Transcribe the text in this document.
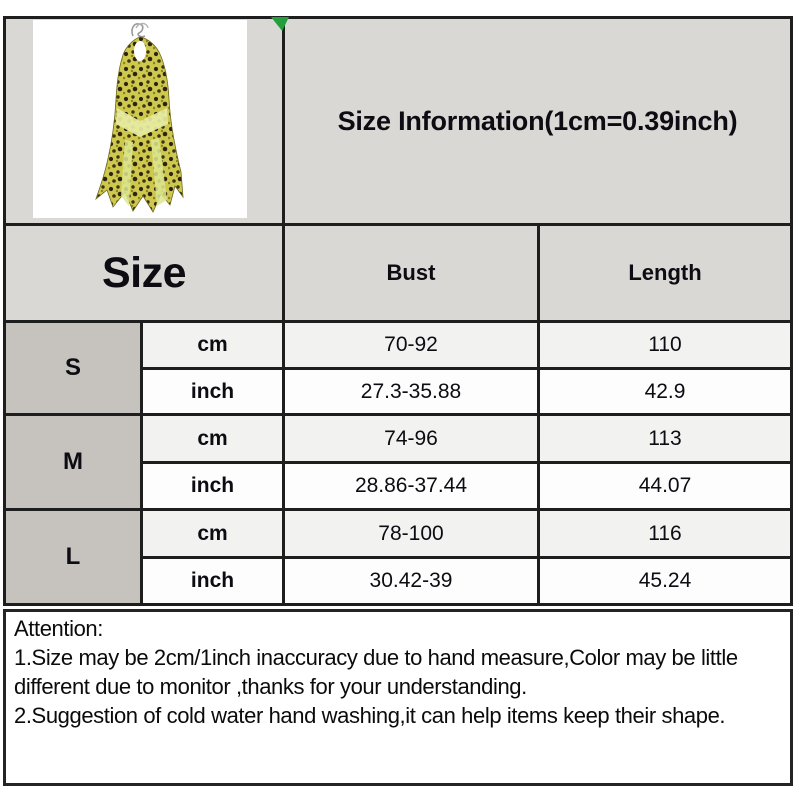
Size Information(1cm=0.39inch)
Size	Bust	Length
S
cm	70-92	110
inch	27.3-35.88	42.9
M
cm	74-96	113
inch	28.86-37.44	44.07
L
cm	78-100	116
inch	30.42-39	45.24
Attention:
1.Size may be 2cm/1inch inaccuracy due to hand measure,Color may be little
different due to monitor ,thanks for your understanding.
2.Suggestion of cold water hand washing,it can help items keep their shape.
